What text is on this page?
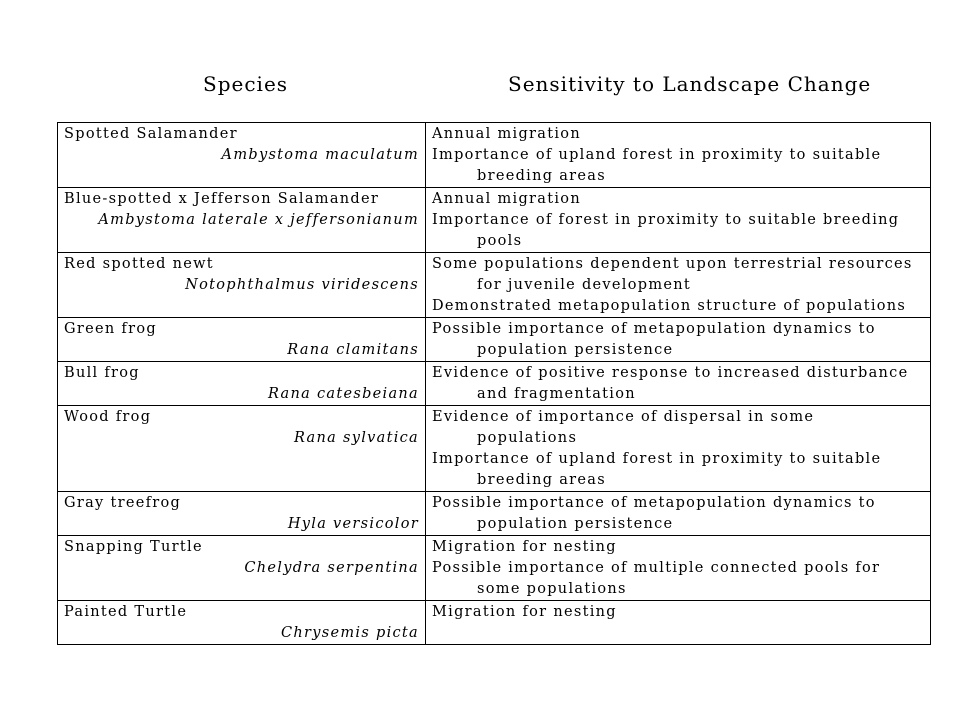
Species	Sensitivity to Landscape Change
Spotted Salamander
Ambystoma maculatum	Annual migration
Importance of upland forest in proximity to suitable
breeding areas

Blue-spotted x Jefferson Salamander
Ambystoma laterale x jeffersonianum	Annual migration
Importance of forest in proximity to suitable breeding
pools

Red spotted newt
Notophthalmus viridescens	Some populations dependent upon terrestrial resources
for juvenile development
Demonstrated metapopulation structure of populations

Green frog
Rana clamitans	Possible importance of metapopulation dynamics to
population persistence

Bull frog
Rana catesbeiana	Evidence of positive response to increased disturbance
and fragmentation

Wood frog
Rana sylvatica	Evidence of importance of dispersal in some
populations
Importance of upland forest in proximity to suitable
breeding areas

Gray treefrog
Hyla versicolor	Possible importance of metapopulation dynamics to
population persistence

Snapping Turtle
Chelydra serpentina	Migration for nesting
Possible importance of multiple connected pools for
some populations

Painted Turtle
Chrysemis picta	Migration for nesting
